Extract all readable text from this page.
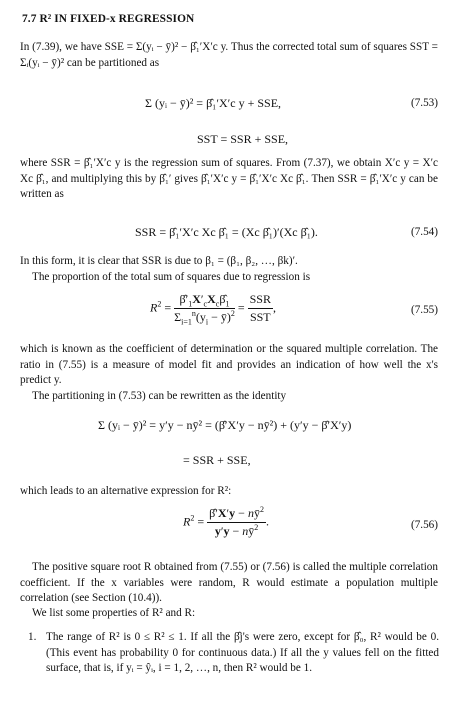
7.7 R² IN FIXED-x REGRESSION

In (7.39), we have SSE = Σ(yᵢ − ȳ)² − β̂₁′X′c y. Thus the corrected total sum of squares SST = Σᵢ(yᵢ − ȳ)² can be partitioned as

Σ (yᵢ − ȳ)² = β̂₁′X′c y + SSE,	(7.53)
SST = SSR + SSE,

where SSR = β̂₁′X′c y is the regression sum of squares. From (7.37), we obtain X′c y = X′c Xc β̂₁, and multiplying this by β̂₁′ gives β̂₁′X′c y = β̂₁′X′c Xc β̂₁. Then SSR = β̂₁′X′c y can be written as

SSR = β̂₁′X′c Xc β̂₁ = (Xc β̂₁)′(Xc β̂₁).	(7.54)

In this form, it is clear that SSR is due to β₁ = (β₁, β₂, …, βk)′.

The proportion of the total sum of squares due to regression is

$R^2 = \frac{\betâ'_1X'_cX_c\betâ_1}{\Sigma_{i=1}^n(y_i - ȳ)^2} = \frac{\text{SSR}}{\text{SST}}$ ,	(7.55)

which is known as the coefficient of determination or the squared multiple correlation. The ratio in (7.55) is a measure of model fit and provides an indication of how well the x's predict y.

The partitioning in (7.53) can be rewritten as the identity

Σ (yᵢ − ȳ)² = y′y − nȳ² = (β̂′X′y − nȳ²) + (y′y − β̂′X′y)
= SSR + SSE,

which leads to an alternative expression for R²:

$R^2 = \frac{\betâ'X'y - nȳ^2}{y'y - nȳ^2}$ .	(7.56)

The positive square root R obtained from (7.55) or (7.56) is called the multiple correlation coefficient. If the x variables were random, R would estimate a population multiple correlation (see Section (10.4)).

We list some properties of R² and R:

1. The range of R² is 0 ≤ R² ≤ 1. If all the β̂j's were zero, except for β̂₀, R² would be 0. (This event has probability 0 for continuous data.) If all the y values fell on the fitted surface, that is, if yᵢ = ŷᵢ, i = 1, 2, …, n, then R² would be 1.
